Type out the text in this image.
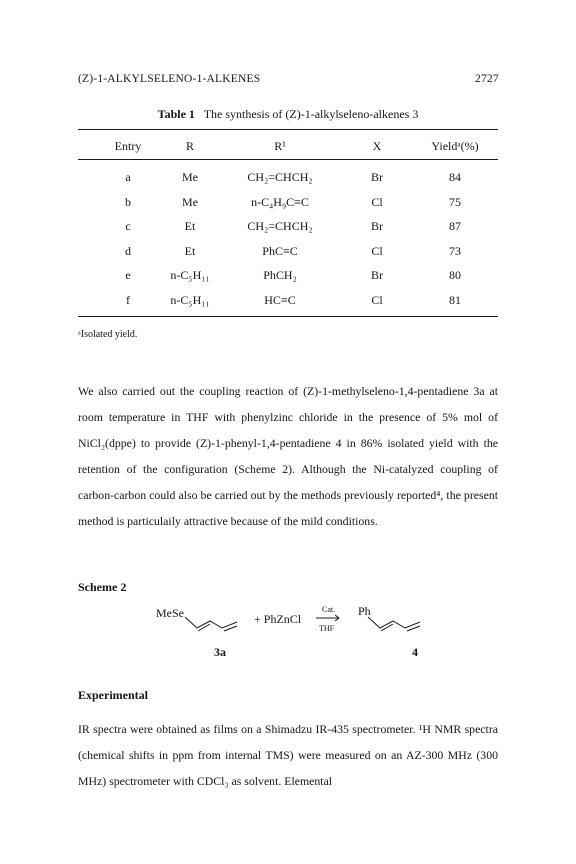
(Z)-1-ALKYLSELENO-1-ALKENES	2727
Table 1 The synthesis of (Z)-1-alkylseleno-alkenes 3
Entry	R	R¹	X	Yieldᵃ(%)
a	Me	CH₂=CHCH₂	Br	84
b	Me	n-C₄H₉C≡C	Cl	75
c	Et	CH₂=CHCH₂	Br	87
d	Et	PhC≡C	Cl	73
e	n-C₅H₁₁	PhCH₂	Br	80
f	n-C₅H₁₁	HC≡C	Cl	81
ᵃIsolated yield.
We also carried out the coupling reaction of (Z)-1-methylseleno-1,4-pentadiene 3a at room temperature in THF with phenylzinc chloride in the presence of 5% mol of NiCl₂(dppe) to provide (Z)-1-phenyl-1,4-pentadiene 4 in 86% isolated yield with the retention of the configuration (Scheme 2). Although the Ni-catalyzed coupling of carbon-carbon could also be carried out by the methods previously reported⁴, the present method is particulaily attractive because of the mild conditions.
Scheme 2
MeSe	+ PhZnCl
Cat.
THF
Ph
3a	4
Experimental
IR spectra were obtained as films on a Shimadzu IR-435 spectrometer. ¹H NMR spectra (chemical shifts in ppm from internal TMS) were measured on an AZ-300 MHz (300 MHz) spectrometer with CDCl₃ as solvent. Elemental
